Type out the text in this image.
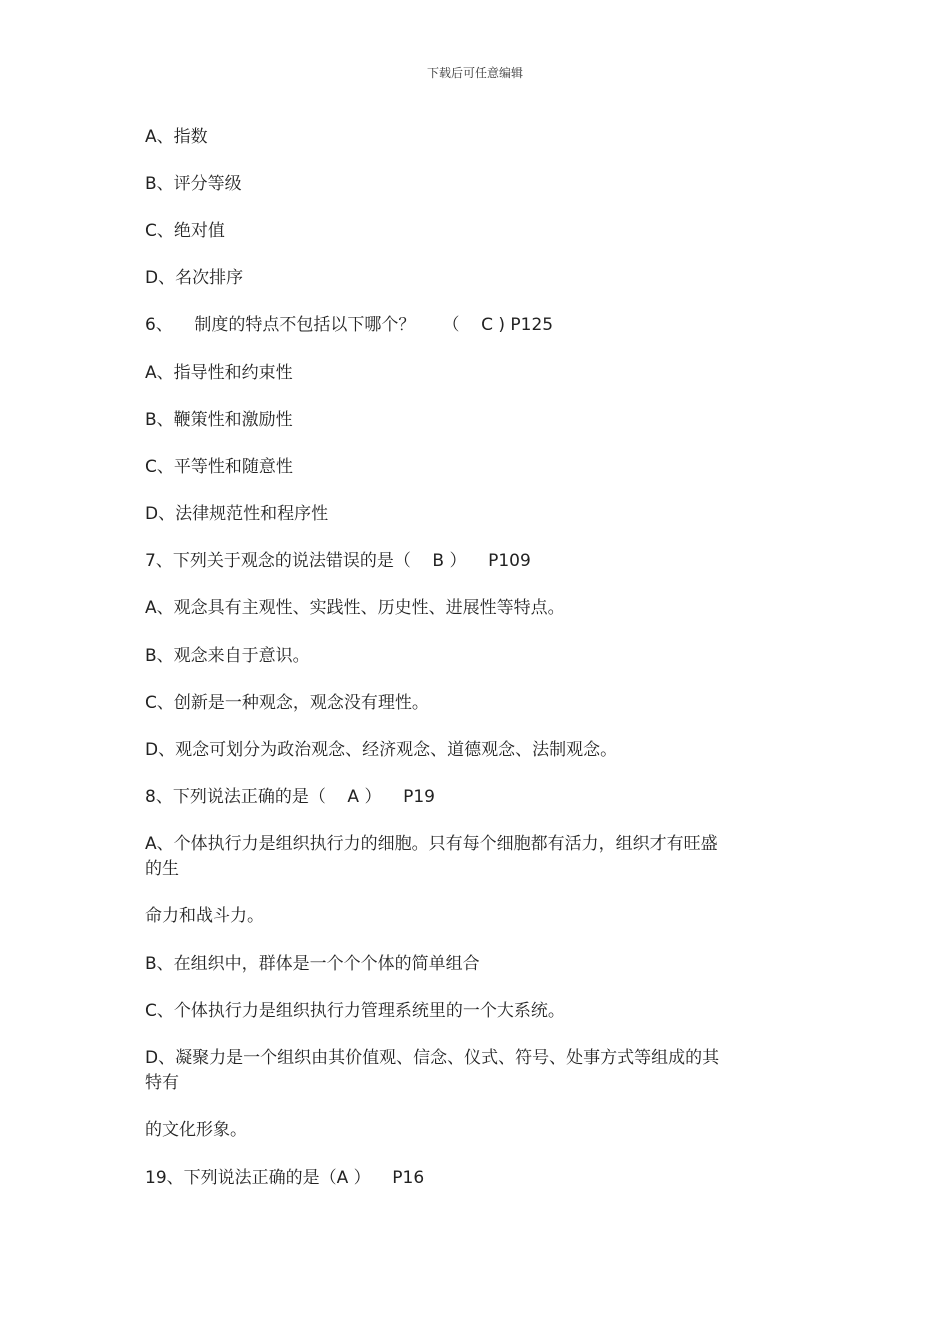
下载后可任意编辑
A、指数
B、评分等级
C、绝对值
D、名次排序
6、    制度的特点不包括以下哪个？     （    C ) P125
A、指导性和约束性
B、鞭策性和激励性
C、平等性和随意性
D、法律规范性和程序性
7、下列关于观念的说法错误的是（    B ）    P109
A、观念具有主观性、实践性、历史性、进展性等特点。
B、观念来自于意识。
C、创新是一种观念，观念没有理性。
D、观念可划分为政治观念、经济观念、道德观念、法制观念。
8、下列说法正确的是（    A ）    P19
A、个体执行力是组织执行力的细胞。只有每个细胞都有活力，组织才有旺盛
的生
命力和战斗力。
B、在组织中，群体是一个个个体的简单组合
C、个体执行力是组织执行力管理系统里的一个大系统。
D、凝聚力是一个组织由其价值观、信念、仪式、符号、处事方式等组成的其
特有
的文化形象。
19、下列说法正确的是（A ）    P16
